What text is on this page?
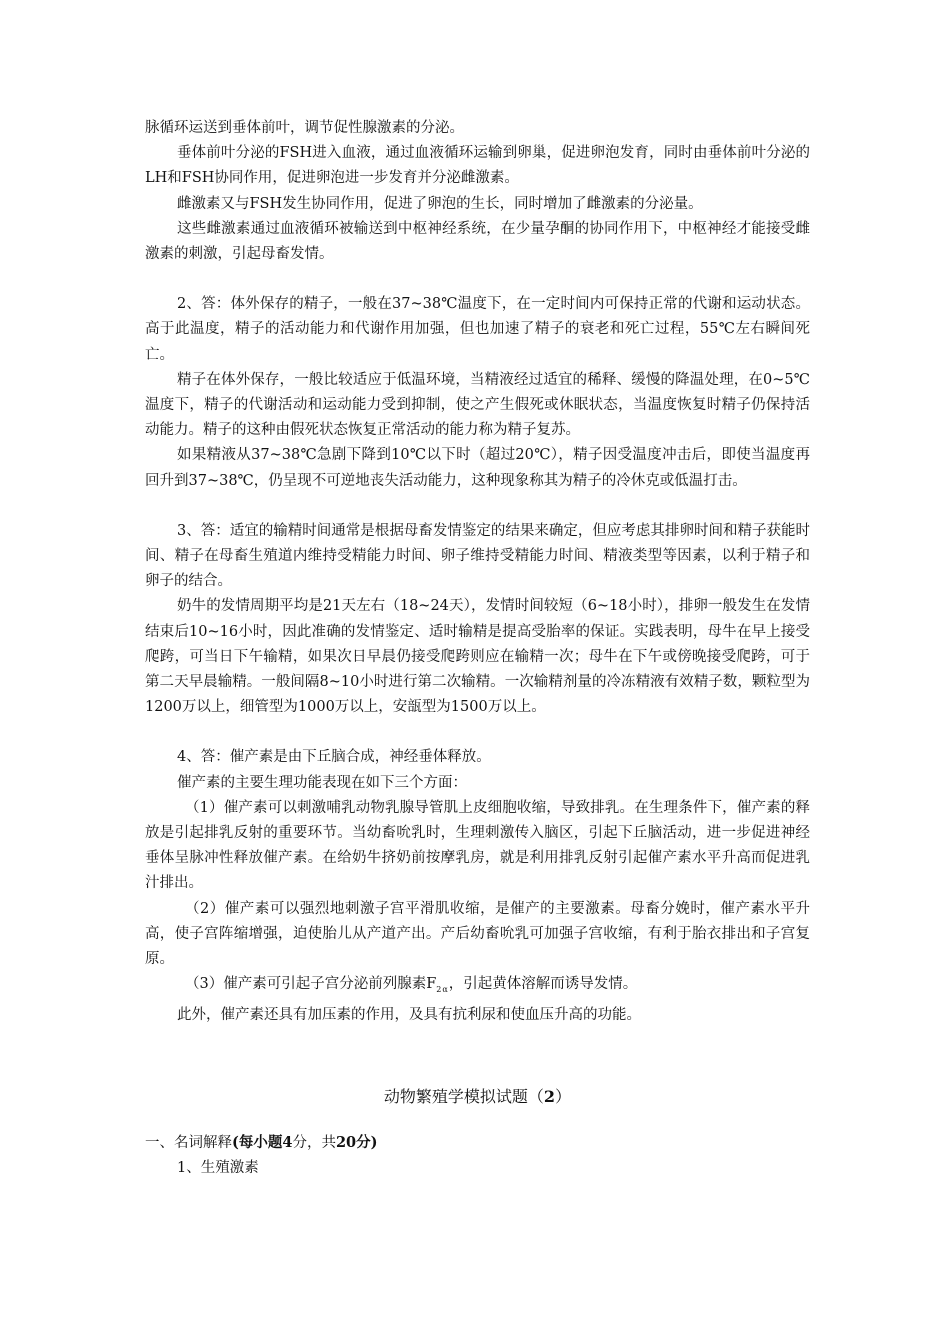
脉循环运送到垂体前叶，调节促性腺激素的分泌。

垂体前叶分泌的FSH进入血液，通过血液循环运输到卵巢，促进卵泡发育，同时由垂体前叶分泌的LH和FSH协同作用，促进卵泡进一步发育并分泌雌激素。

雌激素又与FSH发生协同作用，促进了卵泡的生长，同时增加了雌激素的分泌量。

这些雌激素通过血液循环被输送到中枢神经系统，在少量孕酮的协同作用下，中枢神经才能接受雌激素的刺激，引起母畜发情。

2、答：体外保存的精子，一般在37~38℃温度下，在一定时间内可保持正常的代谢和运动状态。高于此温度，精子的活动能力和代谢作用加强，但也加速了精子的衰老和死亡过程，55℃左右瞬间死亡。

精子在体外保存，一般比较适应于低温环境，当精液经过适宜的稀释、缓慢的降温处理，在0~5℃温度下，精子的代谢活动和运动能力受到抑制，使之产生假死或休眠状态，当温度恢复时精子仍保持活动能力。精子的这种由假死状态恢复正常活动的能力称为精子复苏。

如果精液从37~38℃急剧下降到10℃以下时（超过20℃），精子因受温度冲击后，即使当温度再回升到37~38℃，仍呈现不可逆地丧失活动能力，这种现象称其为精子的冷休克或低温打击。

3、答：适宜的输精时间通常是根据母畜发情鉴定的结果来确定，但应考虑其排卵时间和精子获能时间、精子在母畜生殖道内维持受精能力时间、卵子维持受精能力时间、精液类型等因素，以利于精子和卵子的结合。

奶牛的发情周期平均是21天左右（18~24天），发情时间较短（6~18小时），排卵一般发生在发情结束后10~16小时，因此准确的发情鉴定、适时输精是提高受胎率的保证。实践表明，母牛在早上接受爬跨，可当日下午输精，如果次日早晨仍接受爬跨则应在输精一次；母牛在下午或傍晚接受爬跨，可于第二天早晨输精。一般间隔8~10小时进行第二次输精。一次输精剂量的冷冻精液有效精子数，颗粒型为1200万以上，细管型为1000万以上，安瓿型为1500万以上。

4、答：催产素是由下丘脑合成，神经垂体释放。

催产素的主要生理功能表现在如下三个方面：

（1）催产素可以刺激哺乳动物乳腺导管肌上皮细胞收缩，导致排乳。在生理条件下，催产素的释放是引起排乳反射的重要环节。当幼畜吮乳时，生理刺激传入脑区，引起下丘脑活动，进一步促进神经垂体呈脉冲性释放催产素。在给奶牛挤奶前按摩乳房，就是利用排乳反射引起催产素水平升高而促进乳汁排出。

（2）催产素可以强烈地刺激子宫平滑肌收缩，是催产的主要激素。母畜分娩时，催产素水平升高，使子宫阵缩增强，迫使胎儿从产道产出。产后幼畜吮乳可加强子宫收缩，有利于胎衣排出和子宫复原。

（3）催产素可引起子宫分泌前列腺素$F_{2\alpha}$，引起黄体溶解而诱导发情。

此外，催产素还具有加压素的作用，及具有抗利尿和使血压升高的功能。

动物繁殖学模拟试题（2）

一、名词解释(每小题4分，共20分)

1、生殖激素
